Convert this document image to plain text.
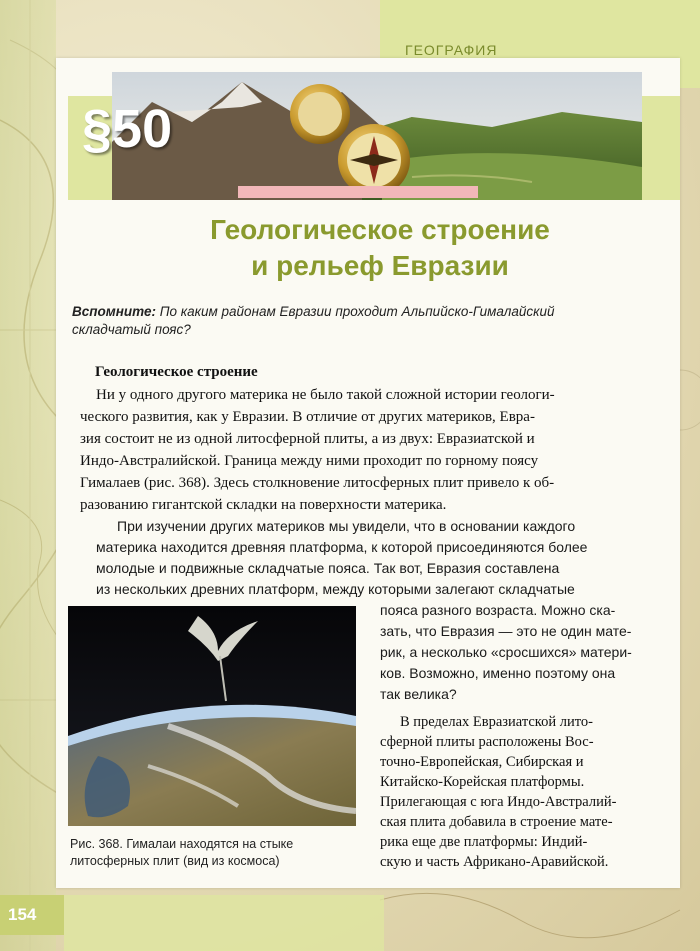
ГЕОГРАФИЯ
§50
Геологическое строение
и рельеф Евразии
Вспомните: По каким районам Евразии проходит Альпийско-Гималайский
складчатый пояс?
Геологическое строение
Ни у одного другого материка не было такой сложной истории геологи-
ческого развития, как у Евразии. В отличие от других материков, Евра-
зия состоит не из одной литосферной плиты, а из двух: Евразиатской и
Индо-Австралийской. Граница между ними проходит по горному поясу
Гималаев (рис. 368). Здесь столкновение литосферных плит привело к об-
разованию гигантской складки на поверхности материка.
При изучении других материков мы увидели, что в основании каждого
материка находится древняя платформа, к которой присоединяются более
молодые и подвижные складчатые пояса. Так вот, Евразия составлена
из нескольких древних платформ, между которыми залегают складчатые
пояса разного возраста. Можно ска-
зать, что Евразия — это не один мате-
рик, а несколько «сросшихся» матери-
ков. Возможно, именно поэтому она
так велика?
Рис. 368. Гималаи находятся на стыке
литосферных плит (вид из космоса)
В пределах Евразиатской лито-
сферной плиты расположены Вос-
точно-Европейская, Сибирская и
Китайско-Корейская платформы.
Прилегающая с юга Индо-Австралий-
ская плита добавила в строение мате-
рика еще две платформы: Индий-
скую и часть Африкано-Аравийской.
154
